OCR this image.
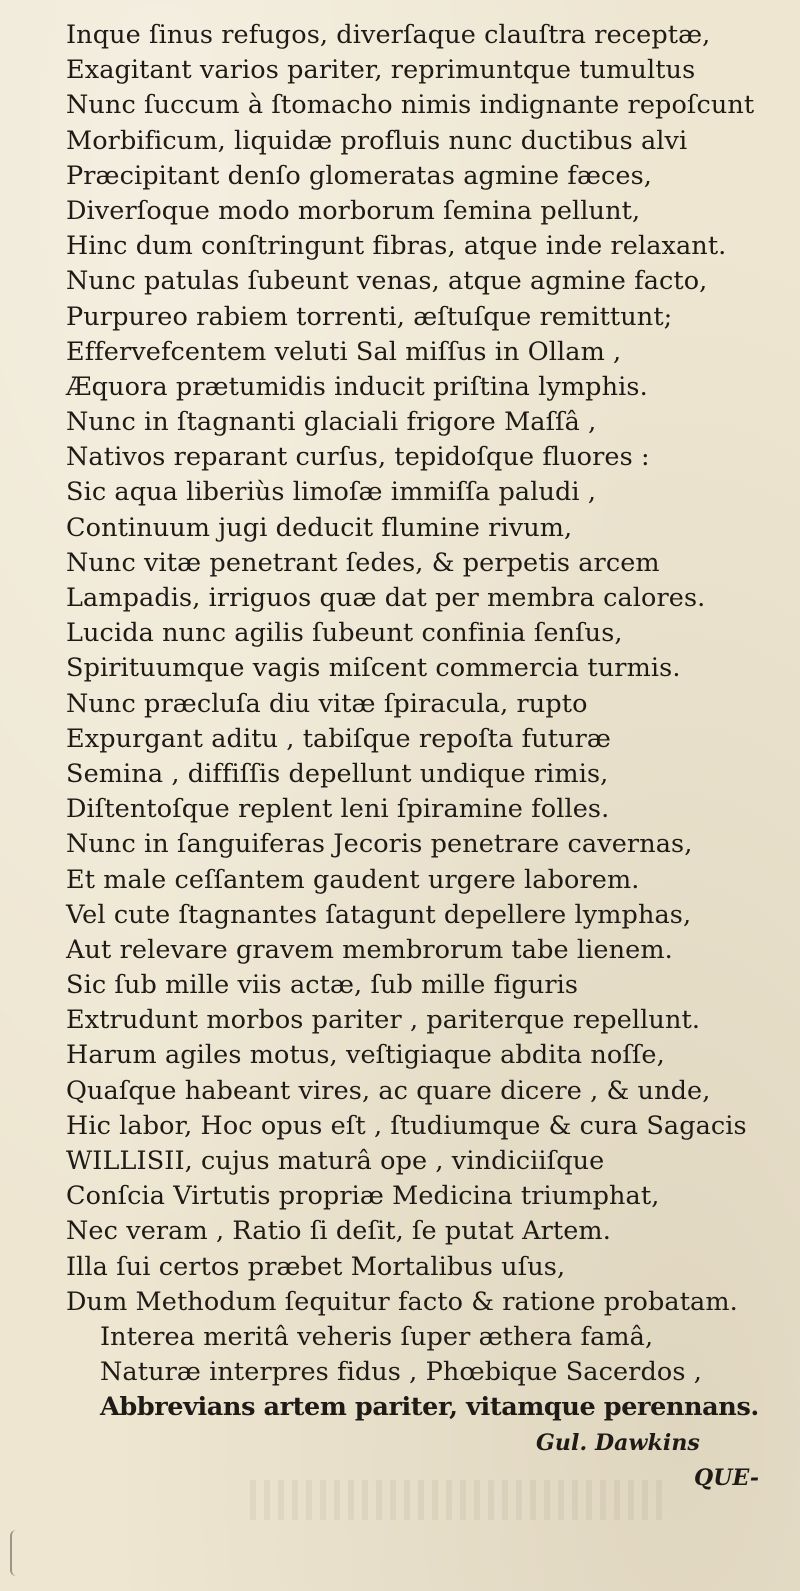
Inque ſinus refugos, diverſaque clauſtra receptæ,
Exagitant varios pariter, reprimuntque tumultus
Nunc ſuccum à ſtomacho nimis indignante repoſcunt
Morbificum, liquidæ profluis nunc ductibus alvi
Præcipitant denſo glomeratas agmine fæces,
Diverſoque modo morborum ſemina pellunt,
Hinc dum conſtringunt fibras, atque inde relaxant.
Nunc patulas ſubeunt venas, atque agmine facto,
Purpureo rabiem torrenti, æſtuſque remittunt;
Effervefcentem veluti Sal miſſus in Ollam ,
Æquora prætumidis inducit priſtina lymphis.
Nunc in ſtagnanti glaciali frigore Maſſâ ,
Nativos reparant curſus, tepidoſque fluores :
Sic aqua liberiùs limoſæ immiſſa paludi ,
Continuum jugi deducit flumine rivum,
Nunc vitæ penetrant ſedes, & perpetis arcem
Lampadis, irriguos quæ dat per membra calores.
Lucida nunc agilis ſubeunt confinia ſenſus,
Spirituumque vagis miſcent commercia turmis.
Nunc præcluſa diu vitæ ſpiracula, rupto
Expurgant aditu , tabiſque repoſta futuræ
Semina , diffiſſis depellunt undique rimis,
Diſtentoſque replent leni ſpiramine folles.
Nunc in ſanguiferas Jecoris penetrare cavernas,
Et male ceſſantem gaudent urgere laborem.
Vel cute ſtagnantes ſatagunt depellere lymphas,
Aut relevare gravem membrorum tabe lienem.
Sic ſub mille viis actæ, ſub mille figuris
Extrudunt morbos pariter , pariterque repellunt.
Harum agiles motus, veſtigiaque abdita noſſe,
Quaſque habeant vires, ac quare dicere , & unde,
Hic labor, Hoc opus eſt , ſtudiumque & cura Sagacis
WILLISII, cujus maturâ ope , vindiciiſque
Conſcia Virtutis propriæ Medicina triumphat,
Nec veram , Ratio ſi deſit, ſe putat Artem.
Illa ſui certos præbet Mortalibus uſus,
Dum Methodum ſequitur facto & ratione probatam.
Interea meritâ veheris ſuper æthera famâ,
Naturæ interpres fidus , Phœbique Sacerdos ,
Abbrevians artem pariter, vitamque perennans.
Gul. Dawkins
QUE-
